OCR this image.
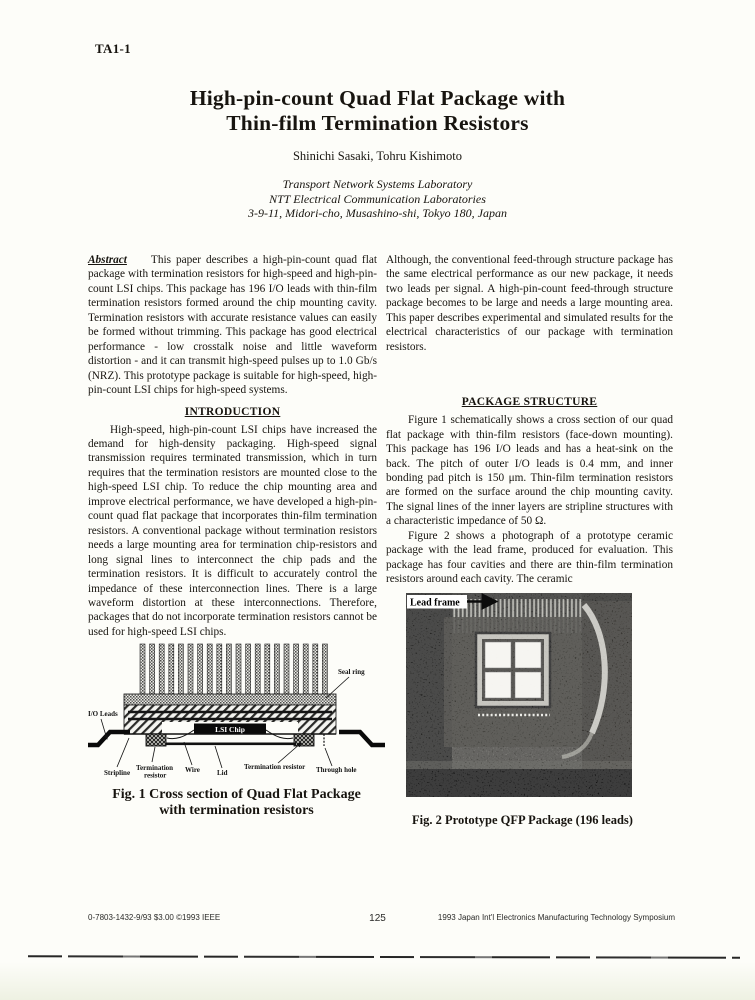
TA1-1
High-pin-count Quad Flat Package with
Thin-film Termination Resistors
Shinichi Sasaki, Tohru Kishimoto
Transport Network Systems Laboratory
NTT Electrical Communication Laboratories
3-9-11, Midori-cho, Musashino-shi, Tokyo 180, Japan

Abstract This paper describes a high-pin-count quad flat package with termination resistors for high-speed and high-pin-count LSI chips. This package has 196 I/O leads with thin-film termination resistors formed around the chip mounting cavity. Termination resistors with accurate resistance values can easily be formed without trimming. This package has good electrical performance - low crosstalk noise and little waveform distortion - and it can transmit high-speed pulses up to 1.0 Gb/s (NRZ). This prototype package is suitable for high-speed, high-pin-count LSI chips for high-speed systems.

INTRODUCTION

High-speed, high-pin-count LSI chips have increased the demand for high-density packaging. High-speed signal transmission requires terminated transmission, which in turn requires that the termination resistors are mounted close to the high-speed LSI chip. To reduce the chip mounting area and improve electrical performance, we have developed a high-pin-count quad flat package that incorporates thin-film termination resistors. A conventional package without termination resistors needs a large mounting area for termination chip-resistors and long signal lines to interconnect the chip pads and the termination resistors. It is difficult to accurately control the impedance of these interconnection lines. There is a large waveform distortion at these interconnections. Therefore, packages that do not incorporate termination resistors cannot be used for high-speed LSI chips.

LSI Chip
Seal ring
I/O Leads
Stripline
Termination
resistor
Wire Lid
Termination resistor Through hole
Fig. 1 Cross section of Quad Flat Package
with termination resistors

Although, the conventional feed-through structure package has the same electrical performance as our new package, it needs two leads per signal. A high-pin-count feed-through structure package becomes to be large and needs a large mounting area. This paper describes experimental and simulated results for the electrical characteristics of our package with termination resistors.

PACKAGE STRUCTURE

Figure 1 schematically shows a cross section of our quad flat package with thin-film resistors (face-down mounting). This package has 196 I/O leads and has a heat-sink on the back. The pitch of outer I/O leads is 0.4 mm, and inner bonding pad pitch is 150 μm. Thin-film termination resistors are formed on the surface around the chip mounting cavity. The signal lines of the inner layers are stripline structures with a characteristic impedance of 50 Ω.

Figure 2 shows a photograph of a prototype ceramic package with the lead frame, produced for evaluation. This package has four cavities and there are thin-film termination resistors around each cavity. The ceramic

Lead frame
Fig. 2 Prototype QFP Package (196 leads)
0-7803-1432-9/93 $3.00 ©1993 IEEE	125	1993 Japan Int'l Electronics Manufacturing Technology Symposium
